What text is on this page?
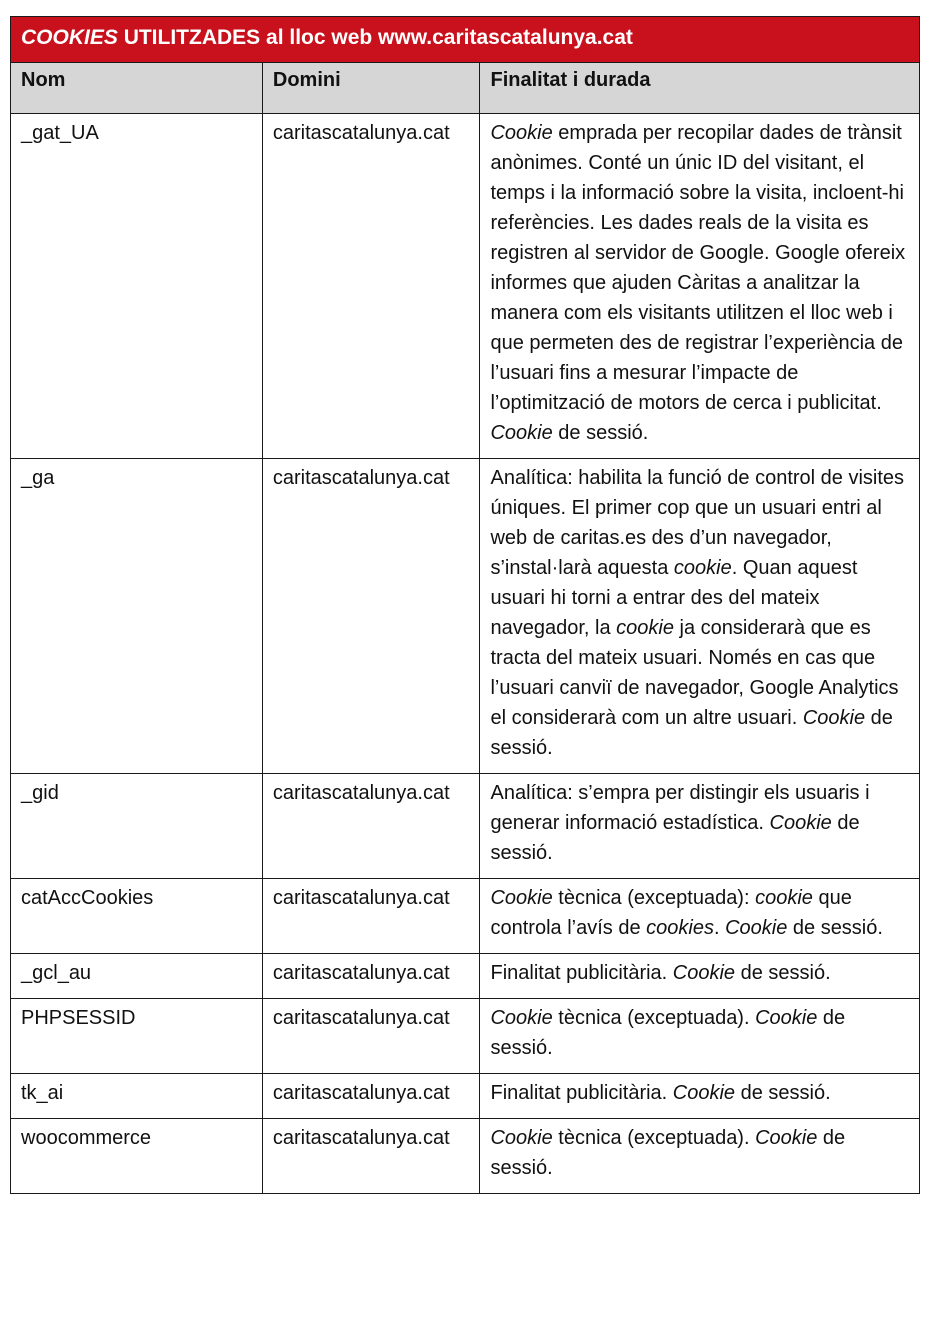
COOKIES UTILITZADES al lloc web www.caritascatalunya.cat		
Nom	Domini	Finalitat i durada
_gat_UA	caritascatalunya.cat	Cookie emprada per recopilar dades de trànsit anònimes. Conté un únic ID del visitant, el temps i la informació sobre la visita, incloent-hi referències. Les dades reals de la visita es registren al servidor de Google. Google ofereix informes que ajuden Càritas a analitzar la manera com els visitants utilitzen el lloc web i que permeten des de registrar l’experiència de l’usuari fins a mesurar l’impacte de l’optimització de motors de cerca i publicitat. Cookie de sessió.
_ga	caritascatalunya.cat	Analítica: habilita la funció de control de visites úniques. El primer cop que un usuari entri al web de caritas.es des d’un navegador, s’instal·larà aquesta cookie. Quan aquest usuari hi torni a entrar des del mateix navegador, la cookie ja considerarà que es tracta del mateix usuari. Només en cas que l’usuari canviï de navegador, Google Analytics el considerarà com un altre usuari. Cookie de sessió.
_gid	caritascatalunya.cat	Analítica: s’empra per distingir els usuaris i generar informació estadística. Cookie de sessió.
catAccCookies	caritascatalunya.cat	Cookie tècnica (exceptuada): cookie que controla l’avís de cookies. Cookie de sessió.
_gcl_au	caritascatalunya.cat	Finalitat publicitària. Cookie de sessió.
PHPSESSID	caritascatalunya.cat	Cookie tècnica (exceptuada). Cookie de sessió.
tk_ai	caritascatalunya.cat	Finalitat publicitària. Cookie de sessió.
woocommerce	caritascatalunya.cat	Cookie tècnica (exceptuada). Cookie de sessió.
